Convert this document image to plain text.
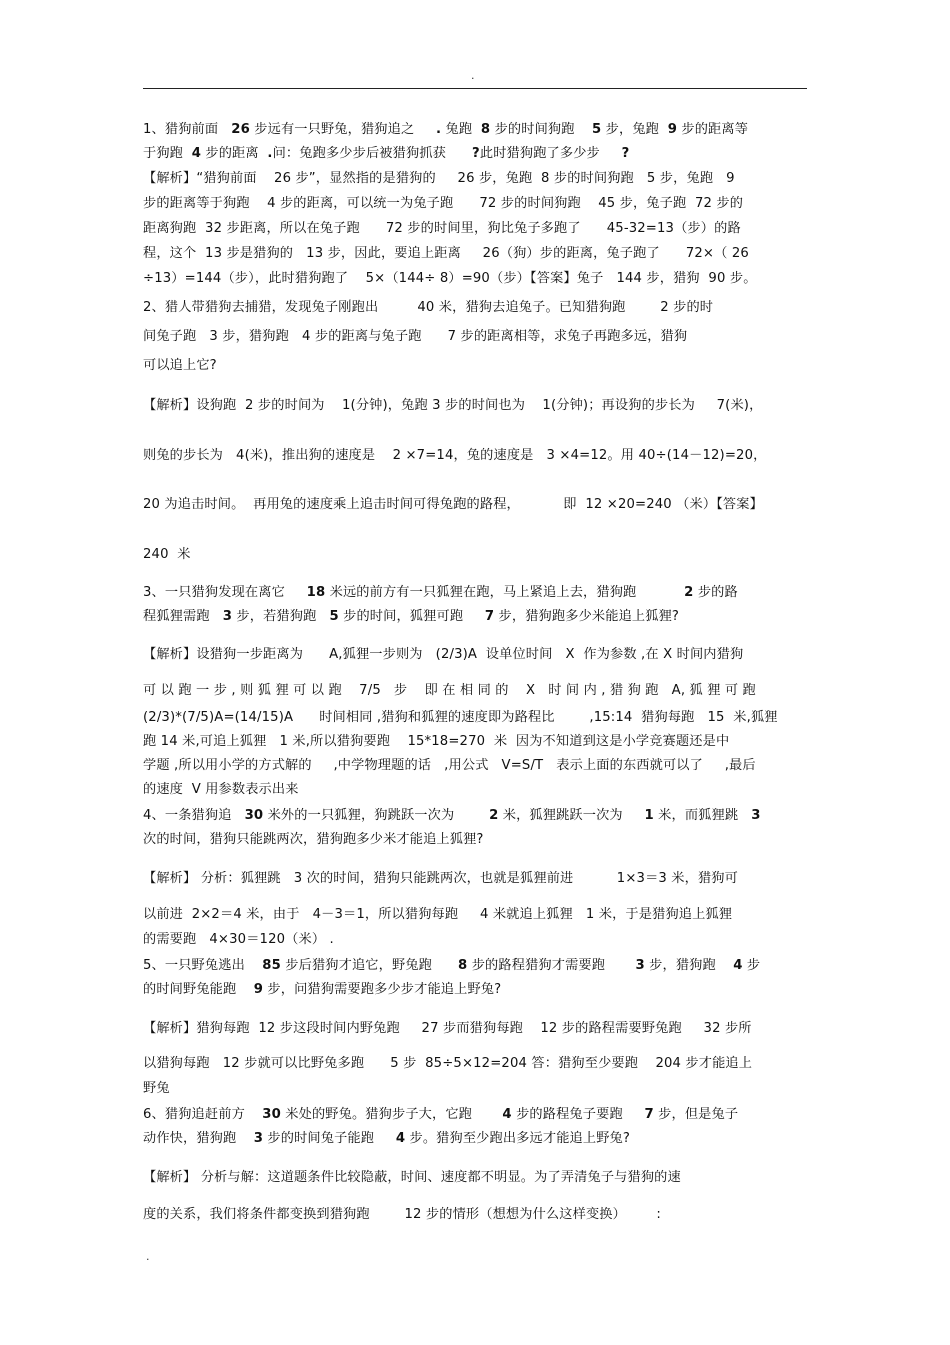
.
1、猎狗前面   26 步远有一只野兔，猎狗追之     . 兔跑  8 步的时间狗跑    5 步，兔跑  9 步的距离等
于狗跑  4 步的距离  .问：兔跑多少步后被猎狗抓获      ?此时猎狗跑了多少步     ?
【解析】“猎狗前面    26 步”，显然指的是猎狗的     26 步，兔跑  8 步的时间狗跑   5 步，兔跑   9
步的距离等于狗跑    4 步的距离，可以统一为兔子跑      72 步的时间狗跑    45 步，兔子跑  72 步的
距离狗跑  32 步距离，所以在兔子跑      72 步的时间里，狗比兔子多跑了      45-32=13（步）的路
程，这个  13 步是猎狗的   13 步，因此，要追上距离     26（狗）步的距离，兔子跑了      72×（ 26
÷13）=144（步），此时猎狗跑了    5×（144÷ 8）=90（步）【答案】兔子   144 步，猎狗  90 步。
2、猎人带猎狗去捕猎，发现兔子刚跑出         40 米，猎狗去追兔子。已知猎狗跑        2 步的时
间兔子跑   3 步，猎狗跑   4 步的距离与兔子跑      7 步的距离相等，求兔子再跑多远，猎狗
可以追上它?
【解析】设狗跑  2 步的时间为    1(分钟)，兔跑 3 步的时间也为    1(分钟)；再设狗的步长为     7(米)，
则兔的步长为   4(米)，推出狗的速度是    2 ×7=14，兔的速度是   3 ×4=12。用 40÷(14－12)=20，
20 为追击时间。  再用兔的速度乘上追击时间可得兔跑的路程，          即  12 ×20=240 （米）【答案】
240  米
3、一只猎狗发现在离它     18 米远的前方有一只狐狸在跑，马上紧追上去，猎狗跑           2 步的路
程狐狸需跑   3 步，若猎狗跑   5 步的时间，狐狸可跑     7 步，猎狗跑多少米能追上狐狸?
【解析】设猎狗一步距离为      A,狐狸一步则为   (2/3)A  设单位时间   X  作为参数 ,在 X 时间内猎狗
可 以 跑 一 步 , 则 狐 狸 可 以 跑    7/5   步    即 在 相 同 的    X   时 间 内 , 猎 狗 跑   A, 狐 狸 可 跑
(2/3)*(7/5)A=(14/15)A      时间相同 ,猎狗和狐狸的速度即为路程比        ,15:14  猎狗每跑   15  米,狐狸
跑 14 米,可追上狐狸   1 米,所以猎狗要跑    15*18=270  米  因为不知道到这是小学竞赛题还是中
学题 ,所以用小学的方式解的     ,中学物理题的话   ,用公式   V=S/T   表示上面的东西就可以了     ,最后
的速度  V 用参数表示出来
4、一条猎狗追   30 米外的一只狐狸，狗跳跃一次为        2 米，狐狸跳跃一次为     1 米，而狐狸跳   3
次的时间，猎狗只能跳两次，猎狗跑多少米才能追上狐狸?
【解析】 分析：狐狸跳   3 次的时间，猎狗只能跳两次，也就是狐狸前进          1×3＝3 米，猎狗可
以前进  2×2＝4 米，由于   4－3＝1，所以猎狗每跑     4 米就追上狐狸   1 米，于是猎狗追上狐狸
的需要跑   4×30＝120（米） .
5、一只野兔逃出    85 步后猎狗才追它，野兔跑      8 步的路程猎狗才需要跑       3 步，猎狗跑    4 步
的时间野兔能跑    9 步，问猎狗需要跑多少步才能追上野兔?
【解析】猎狗每跑  12 步这段时间内野兔跑     27 步而猎狗每跑    12 步的路程需要野兔跑     32 步所
以猎狗每跑   12 步就可以比野兔多跑      5 步  85÷5×12=204 答：猎狗至少要跑    204 步才能追上
野兔
6、猎狗追赶前方    30 米处的野兔。猎狗步子大，它跑       4 步的路程兔子要跑     7 步，但是兔子
动作快，猎狗跑    3 步的时间兔子能跑     4 步。猎狗至少跑出多远才能追上野兔?
【解析】 分析与解：这道题条件比较隐蔽，时间、速度都不明显。为了弄清兔子与猎狗的速
度的关系，我们将条件都变换到猎狗跑        12 步的情形（想想为什么这样变换）       :
.
